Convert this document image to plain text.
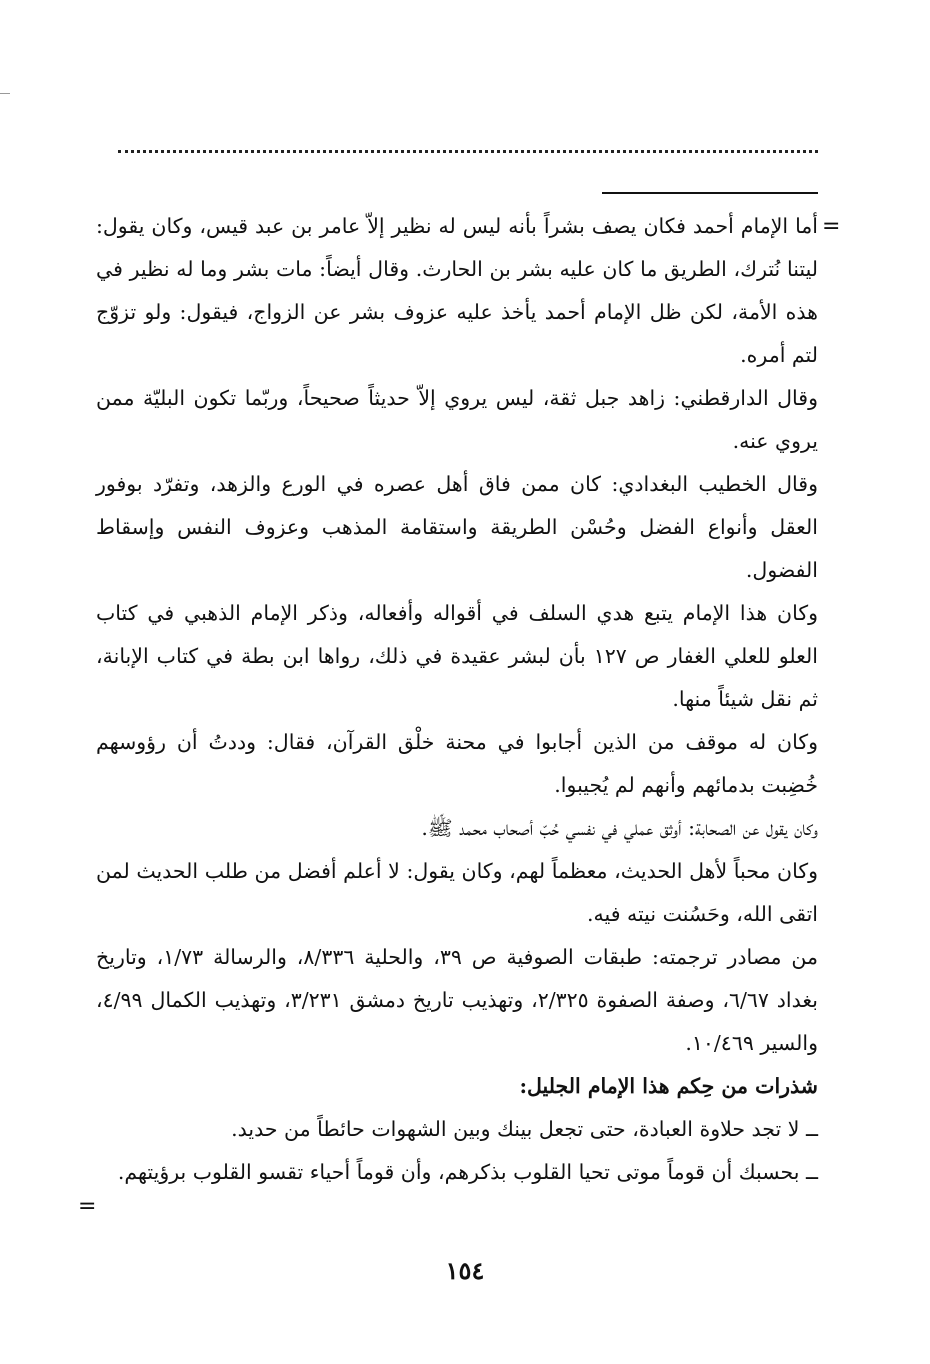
=

أما الإمام أحمد فكان يصف بشراً بأنه ليس له نظير إلاّ عامر بن عبد قيس، وكان يقول: ليتنا نُترك، الطريق ما كان عليه بشر بن الحارث. وقال أيضاً: مات بشر وما له نظير في هذه الأمة، لكن ظل الإمام أحمد يأخذ عليه عزوف بشر عن الزواج، فيقول: ولو تزوّج لتم أمره.

وقال الدارقطني: زاهد جبل ثقة، ليس يروي إلاّ حديثاً صحيحاً، وربّما تكون البليّة ممن يروي عنه.

وقال الخطيب البغدادي: كان ممن فاق أهل عصره في الورع والزهد، وتفرّد بوفور العقل وأنواع الفضل وحُسْن الطريقة واستقامة المذهب وعزوف النفس وإسقاط الفضول.

وكان هذا الإمام يتبع هدي السلف في أقواله وأفعاله، وذكر الإمام الذهبي في كتاب العلو للعلي الغفار ص ١٢٧ بأن لبشر عقيدة في ذلك، رواها ابن بطة في كتاب الإبانة، ثم نقل شيئاً منها.

وكان له موقف من الذين أجابوا في محنة خلْق القرآن، فقال: وددتُ أن رؤوسهم خُضِبت بدمائهم وأنهم لم يُجيبوا.

وكان يقول عن الصحابة: أوثق عملي في نفسي حُبّ أصحاب محمد ﷺ.

وكان محباً لأهل الحديث، معظماً لهم، وكان يقول: لا أعلم أفضل من طلب الحديث لمن اتقى الله، وحَسُنت نيته فيه.

من مصادر ترجمته: طبقات الصوفية ص ٣٩، والحلية ٨/٣٣٦، والرسالة ١/٧٣، وتاريخ بغداد ٦/٦٧، وصفة الصفوة ٢/٣٢٥، وتهذيب تاريخ دمشق ٣/٢٣١، وتهذيب الكمال ٤/٩٩، والسير ١٠/٤٦٩.

شذرات من حِكم هذا الإمام الجليل:

ــ لا تجد حلاوة العبادة، حتى تجعل بينك وبين الشهوات حائطاً من حديد.

ــ بحسبك أن قوماً موتى تحيا القلوب بذكرهم، وأن قوماً أحياء تقسو القلوب برؤيتهم.

=
١٥٤
